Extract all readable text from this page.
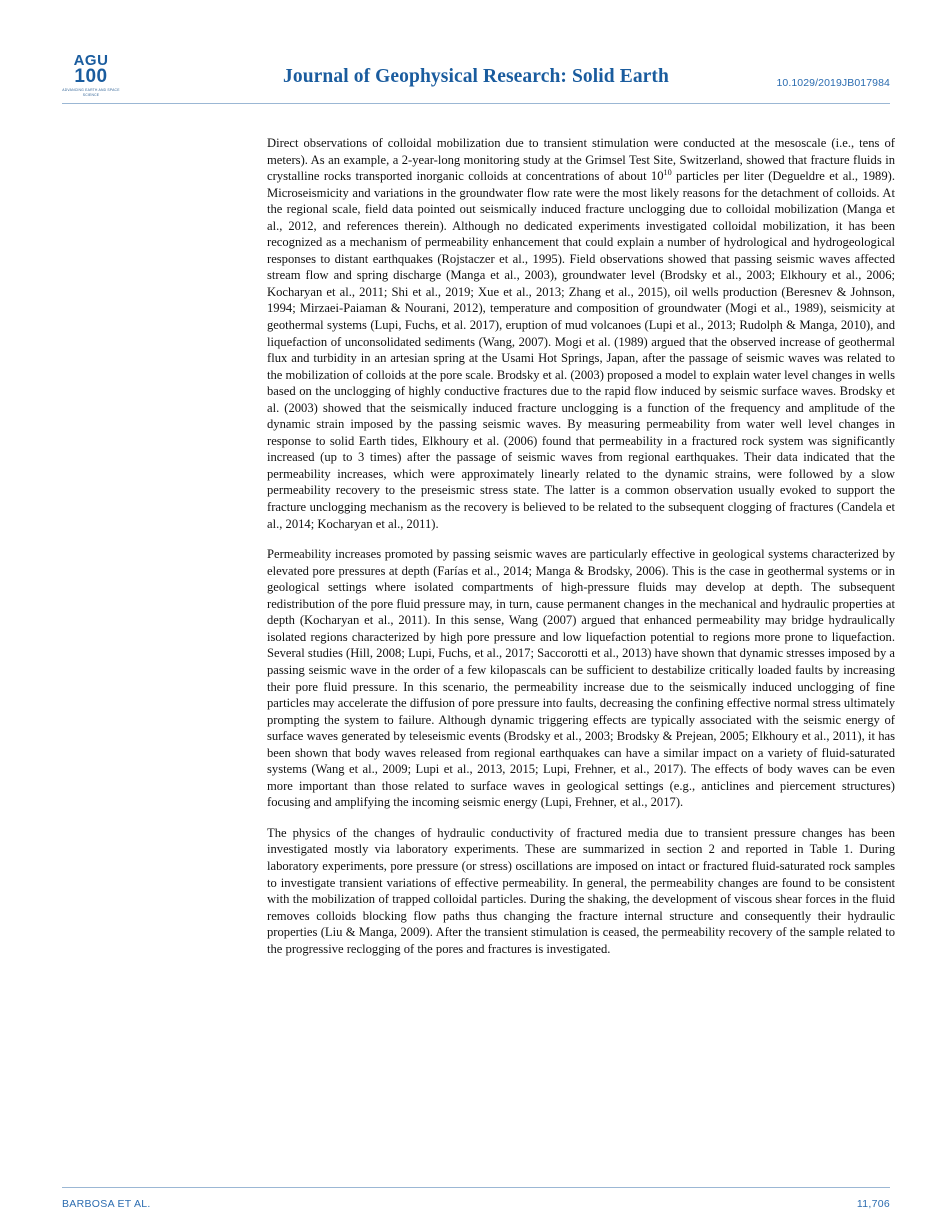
AGU
100
ADVANCING EARTH AND SPACE SCIENCE
Journal of Geophysical Research: Solid Earth	10.1029/2019JB017984

Direct observations of colloidal mobilization due to transient stimulation were conducted at the mesoscale (i.e., tens of meters). As an example, a 2-year-long monitoring study at the Grimsel Test Site, Switzerland, showed that fracture fluids in crystalline rocks transported inorganic colloids at concentrations of about $10^{10}$ particles per liter (Degueldre et al., 1989). Microseismicity and variations in the groundwater flow rate were the most likely reasons for the detachment of colloids. At the regional scale, field data pointed out seismically induced fracture unclogging due to colloidal mobilization (Manga et al., 2012, and references therein). Although no dedicated experiments investigated colloidal mobilization, it has been recognized as a mechanism of permeability enhancement that could explain a number of hydrological and hydrogeological responses to distant earthquakes (Rojstaczer et al., 1995). Field observations showed that passing seismic waves affected stream flow and spring discharge (Manga et al., 2003), groundwater level (Brodsky et al., 2003; Elkhoury et al., 2006; Kocharyan et al., 2011; Shi et al., 2019; Xue et al., 2013; Zhang et al., 2015), oil wells production (Beresnev & Johnson, 1994; Mirzaei-Paiaman & Nourani, 2012), temperature and composition of groundwater (Mogi et al., 1989), seismicity at geothermal systems (Lupi, Fuchs, et al. 2017), eruption of mud volcanoes (Lupi et al., 2013; Rudolph & Manga, 2010), and liquefaction of unconsolidated sediments (Wang, 2007). Mogi et al. (1989) argued that the observed increase of geothermal flux and turbidity in an artesian spring at the Usami Hot Springs, Japan, after the passage of seismic waves was related to the mobilization of colloids at the pore scale. Brodsky et al. (2003) proposed a model to explain water level changes in wells based on the unclogging of highly conductive fractures due to the rapid flow induced by seismic surface waves. Brodsky et al. (2003) showed that the seismically induced fracture unclogging is a function of the frequency and amplitude of the dynamic strain imposed by the passing seismic waves. By measuring permeability from water well level changes in response to solid Earth tides, Elkhoury et al. (2006) found that permeability in a fractured rock system was significantly increased (up to 3 times) after the passage of seismic waves from regional earthquakes. Their data indicated that the permeability increases, which were approximately linearly related to the dynamic strains, were followed by a slow permeability recovery to the preseismic stress state. The latter is a common observation usually evoked to support the fracture unclogging mechanism as the recovery is believed to be related to the subsequent clogging of fractures (Candela et al., 2014; Kocharyan et al., 2011).

Permeability increases promoted by passing seismic waves are particularly effective in geological systems characterized by elevated pore pressures at depth (Farías et al., 2014; Manga & Brodsky, 2006). This is the case in geothermal systems or in geological settings where isolated compartments of high-pressure fluids may develop at depth. The subsequent redistribution of the pore fluid pressure may, in turn, cause permanent changes in the mechanical and hydraulic properties at depth (Kocharyan et al., 2011). In this sense, Wang (2007) argued that enhanced permeability may bridge hydraulically isolated regions characterized by high pore pressure and low liquefaction potential to regions more prone to liquefaction. Several studies (Hill, 2008; Lupi, Fuchs, et al., 2017; Saccorotti et al., 2013) have shown that dynamic stresses imposed by a passing seismic wave in the order of a few kilopascals can be sufficient to destabilize critically loaded faults by increasing their pore fluid pressure. In this scenario, the permeability increase due to the seismically induced unclogging of fine particles may accelerate the diffusion of pore pressure into faults, decreasing the confining effective normal stress ultimately prompting the system to failure. Although dynamic triggering effects are typically associated with the seismic energy of surface waves generated by teleseismic events (Brodsky et al., 2003; Brodsky & Prejean, 2005; Elkhoury et al., 2011), it has been shown that body waves released from regional earthquakes can have a similar impact on a variety of fluid-saturated systems (Wang et al., 2009; Lupi et al., 2013, 2015; Lupi, Frehner, et al., 2017). The effects of body waves can be even more important than those related to surface waves in geological settings (e.g., anticlines and piercement structures) focusing and amplifying the incoming seismic energy (Lupi, Frehner, et al., 2017).

The physics of the changes of hydraulic conductivity of fractured media due to transient pressure changes has been investigated mostly via laboratory experiments. These are summarized in section 2 and reported in Table 1. During laboratory experiments, pore pressure (or stress) oscillations are imposed on intact or fractured fluid-saturated rock samples to investigate transient variations of effective permeability. In general, the permeability changes are found to be consistent with the mobilization of trapped colloidal particles. During the shaking, the development of viscous shear forces in the fluid removes colloids blocking flow paths thus changing the fracture internal structure and consequently their hydraulic properties (Liu & Manga, 2009). After the transient stimulation is ceased, the permeability recovery of the sample related to the progressive reclogging of the pores and fractures is investigated.

BARBOSA ET AL.	11,706
